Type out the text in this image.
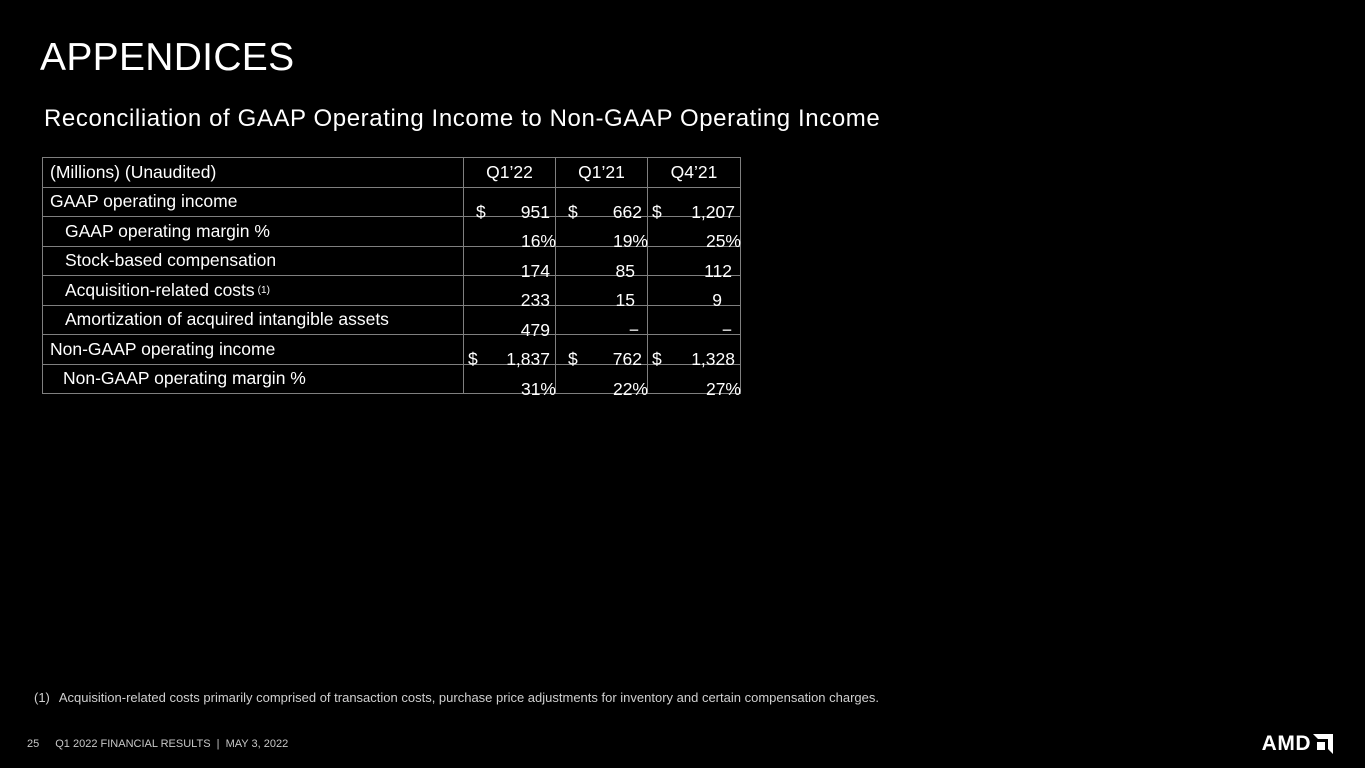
APPENDICES
Reconciliation of GAAP Operating Income to Non-GAAP Operating Income
(Millions) (Unaudited)	Q1’22	Q1’21	Q4’21

GAAP operating income	$ 951	$ 662	$ 1,207

GAAP operating margin %	16%	19%	25%

Stock-based compensation	174	85	112

Acquisition-related costs (1)	233	15	9

Amortization of acquired intangible assets	479	−	−

Non-GAAP operating income	$ 1,837	$ 762	$ 1,328

Non-GAAP operating margin %	31%	22%	27%
(1) Acquisition-related costs primarily comprised of transaction costs, purchase price adjustments for inventory and certain compensation charges.
25 Q1 2022 FINANCIAL RESULTS  |  MAY 3, 2022	AMD
